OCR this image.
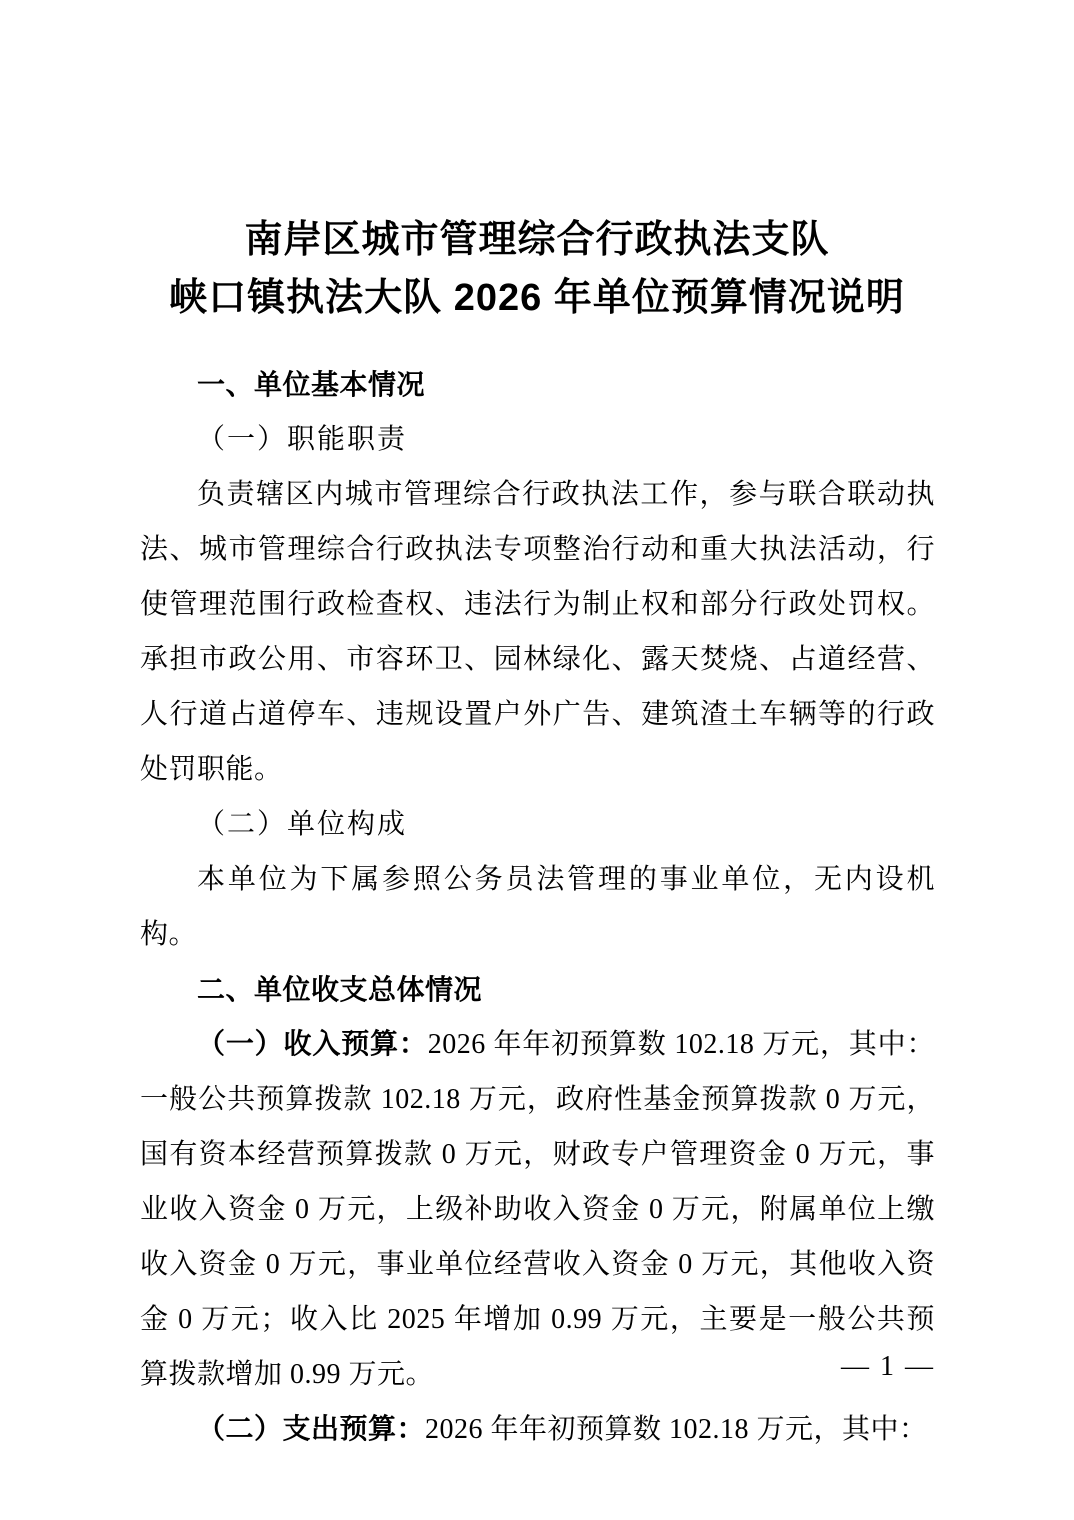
南岸区城市管理综合行政执法支队
峡口镇执法大队 2026 年单位预算情况说明
一、单位基本情况
（一）职能职责

负责辖区内城市管理综合行政执法工作，参与联合联动执法、城市管理综合行政执法专项整治行动和重大执法活动，行使管理范围行政检查权、违法行为制止权和部分行政处罚权。承担市政公用、市容环卫、园林绿化、露天焚烧、占道经营、人行道占道停车、违规设置户外广告、建筑渣土车辆等的行政处罚职能。

（二）单位构成

本单位为下属参照公务员法管理的事业单位，无内设机构。

二、单位收支总体情况

（一）收入预算：2026 年年初预算数 102.18 万元，其中：一般公共预算拨款 102.18 万元，政府性基金预算拨款 0 万元，国有资本经营预算拨款 0 万元，财政专户管理资金 0 万元，事业收入资金 0 万元，上级补助收入资金 0 万元，附属单位上缴收入资金 0 万元，事业单位经营收入资金 0 万元，其他收入资金 0 万元；收入比 2025 年增加 0.99 万元，主要是一般公共预算拨款增加 0.99 万元。

（二）支出预算：2026 年年初预算数 102.18 万元，其中：

— 1 —
